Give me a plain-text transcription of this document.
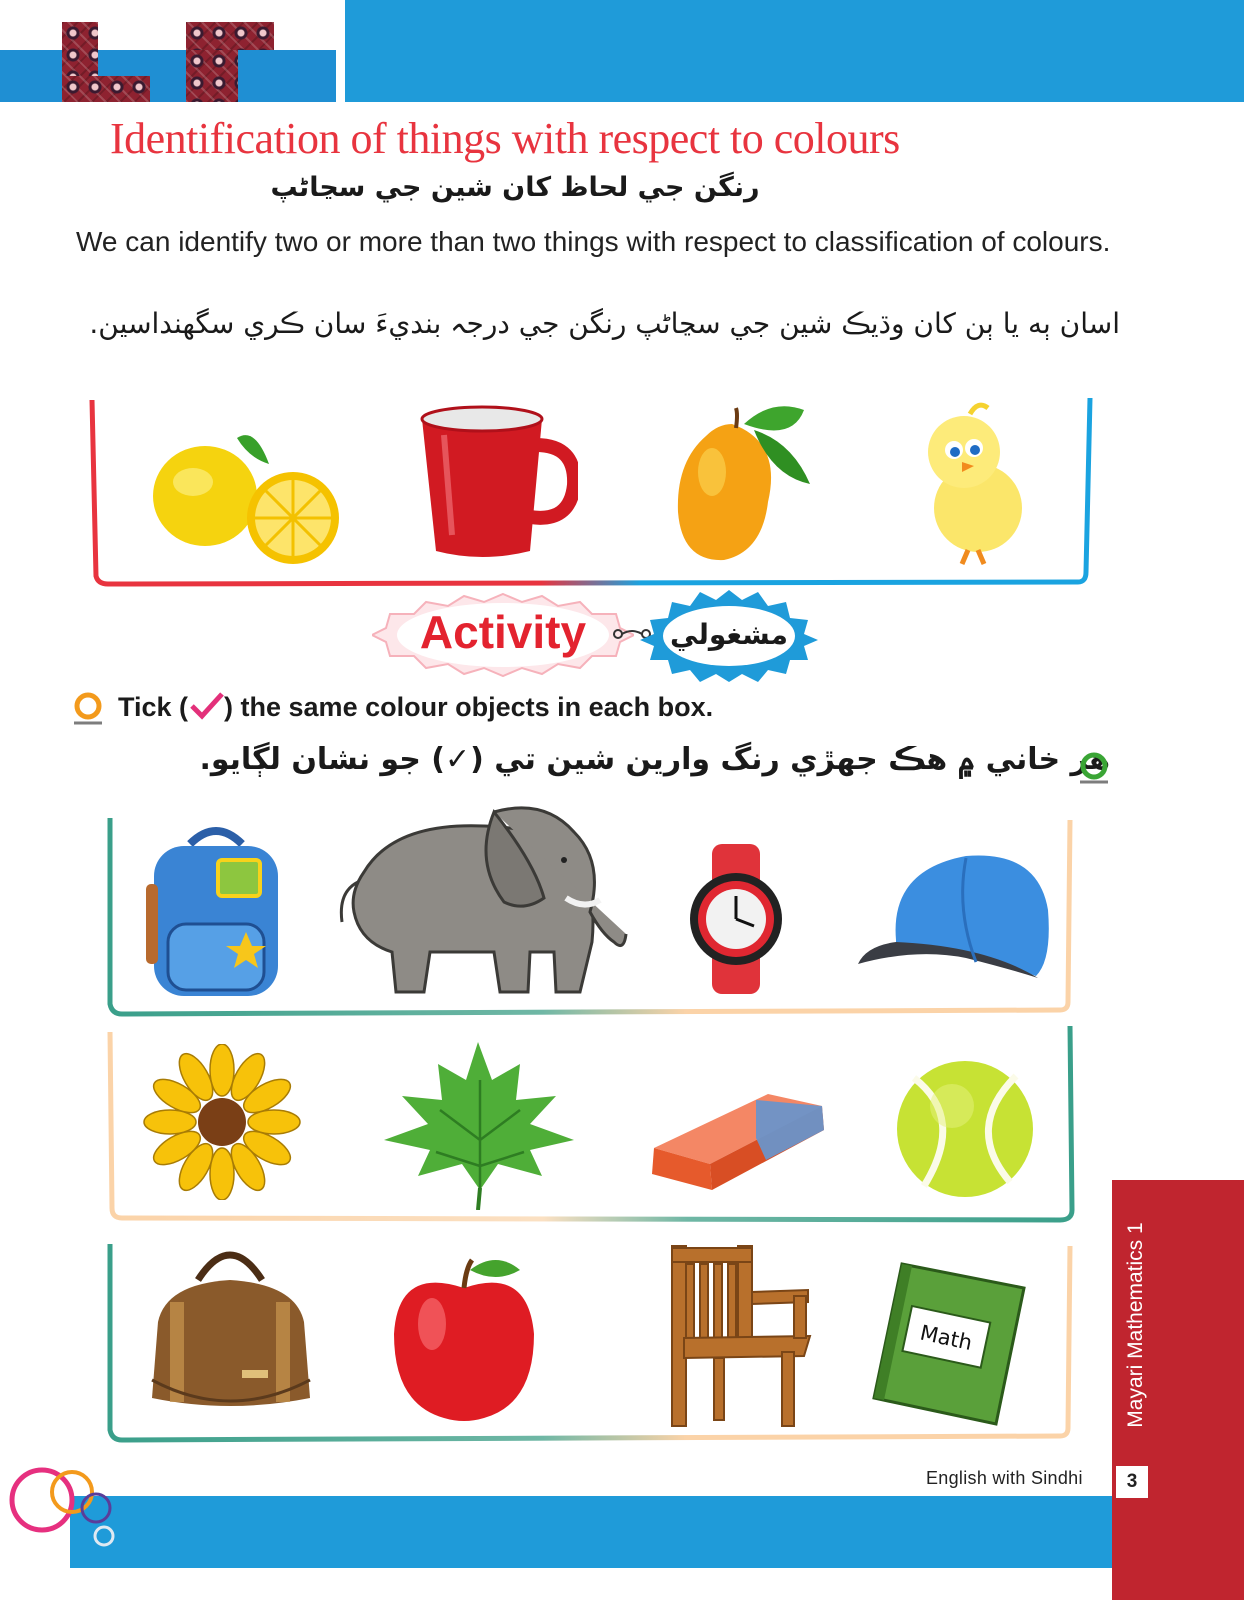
Identification of things with respect to colours
رنگن جي لحاظ کان شين جي سڃاڻپ
We can identify two or more than two things with respect to classification of colours.
اسان ٻه يا ٻن کان وڌيڪ شين جي سڃاڻپ رنگن جي درجہ بنديءَ سان ڪري سگھنداسين.
Activity	مشغولي
Tick ( ) the same colour objects in each box.
هر خاني ۾ هڪ جھڙي رنگ وارين شين تي (✓) جو نشان لڳايو.
Math	Mayari Mathematics 1
English with Sindhi	3
